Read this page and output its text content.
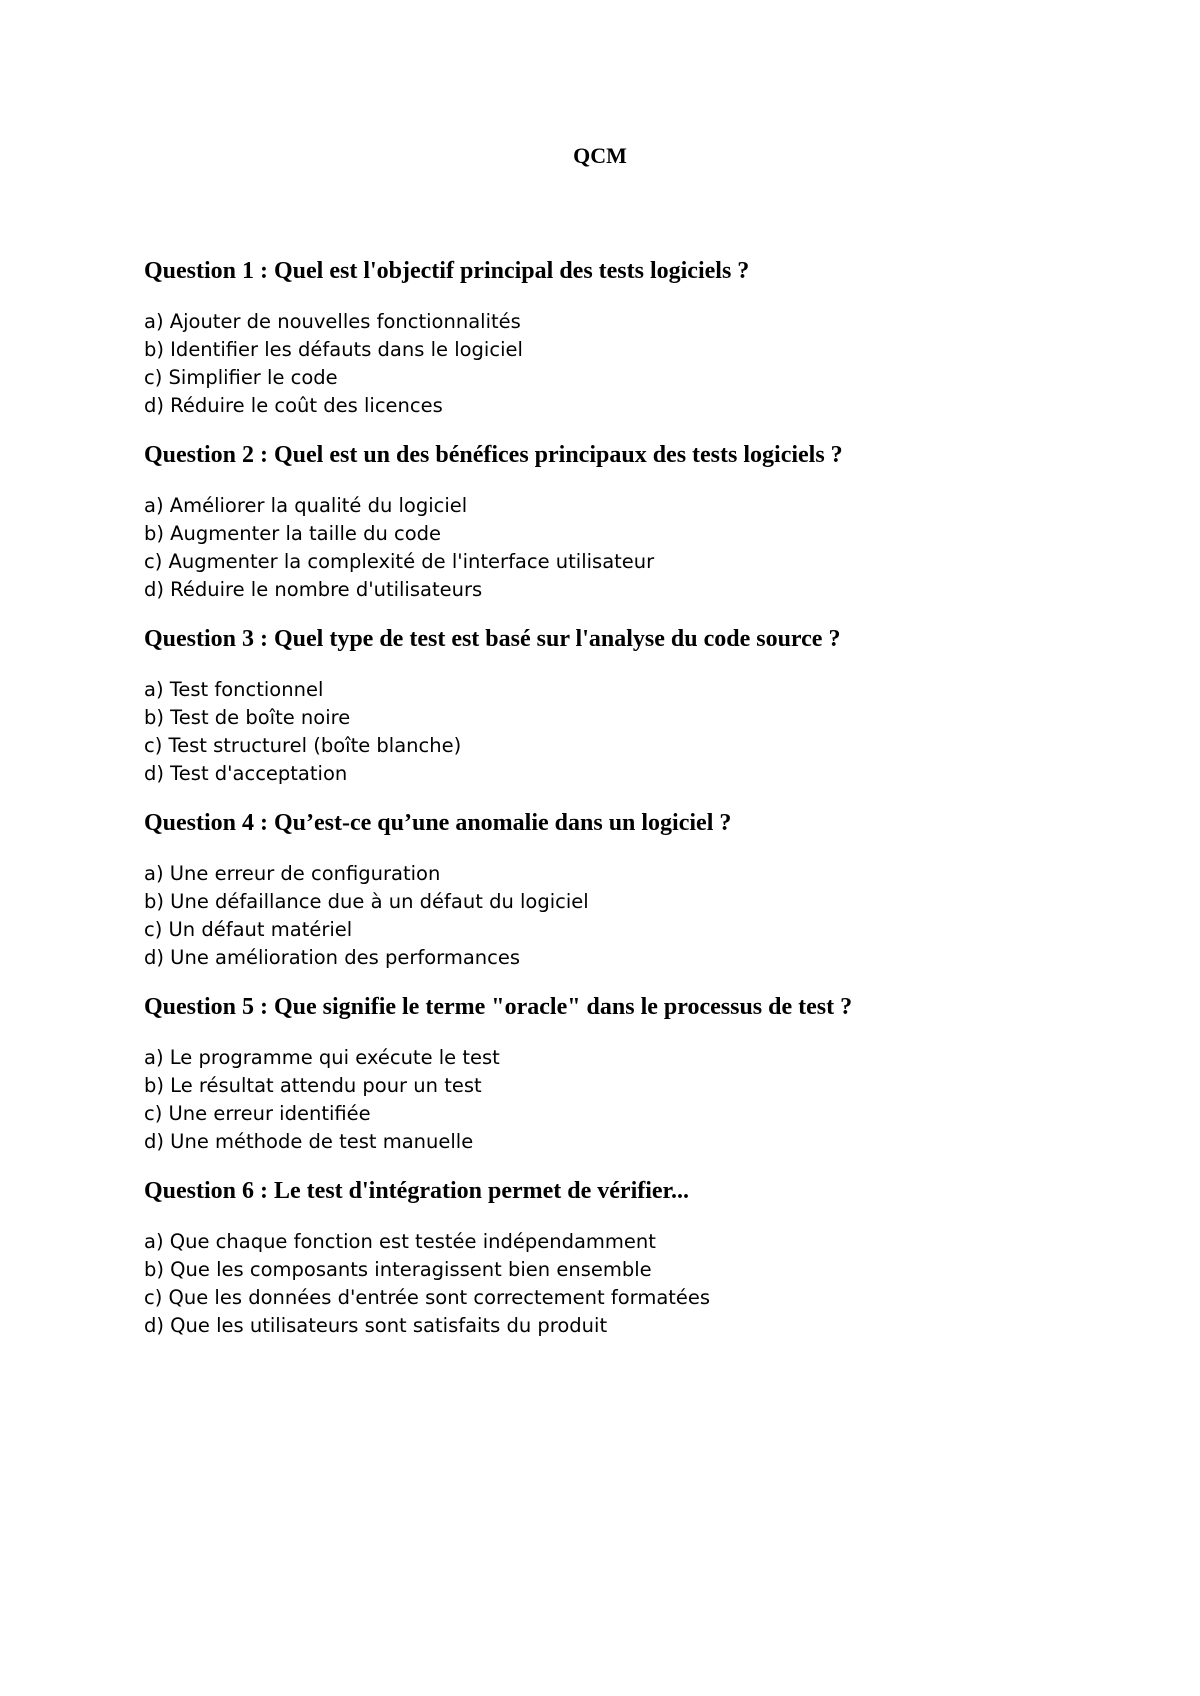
QCM
Question 1 : Quel est l'objectif principal des tests logiciels ?
a) Ajouter de nouvelles fonctionnalités
b) Identifier les défauts dans le logiciel
c) Simplifier le code
d) Réduire le coût des licences
Question 2 : Quel est un des bénéfices principaux des tests logiciels ?
a) Améliorer la qualité du logiciel
b) Augmenter la taille du code
c) Augmenter la complexité de l'interface utilisateur
d) Réduire le nombre d'utilisateurs
Question 3 : Quel type de test est basé sur l'analyse du code source ?
a) Test fonctionnel
b) Test de boîte noire
c) Test structurel (boîte blanche)
d) Test d'acceptation
Question 4 : Qu’est-ce qu’une anomalie dans un logiciel ?
a) Une erreur de configuration
b) Une défaillance due à un défaut du logiciel
c) Un défaut matériel
d) Une amélioration des performances
Question 5 : Que signifie le terme "oracle" dans le processus de test ?
a) Le programme qui exécute le test
b) Le résultat attendu pour un test
c) Une erreur identifiée
d) Une méthode de test manuelle
Question 6 : Le test d'intégration permet de vérifier...
a) Que chaque fonction est testée indépendamment
b) Que les composants interagissent bien ensemble
c) Que les données d'entrée sont correctement formatées
d) Que les utilisateurs sont satisfaits du produit
